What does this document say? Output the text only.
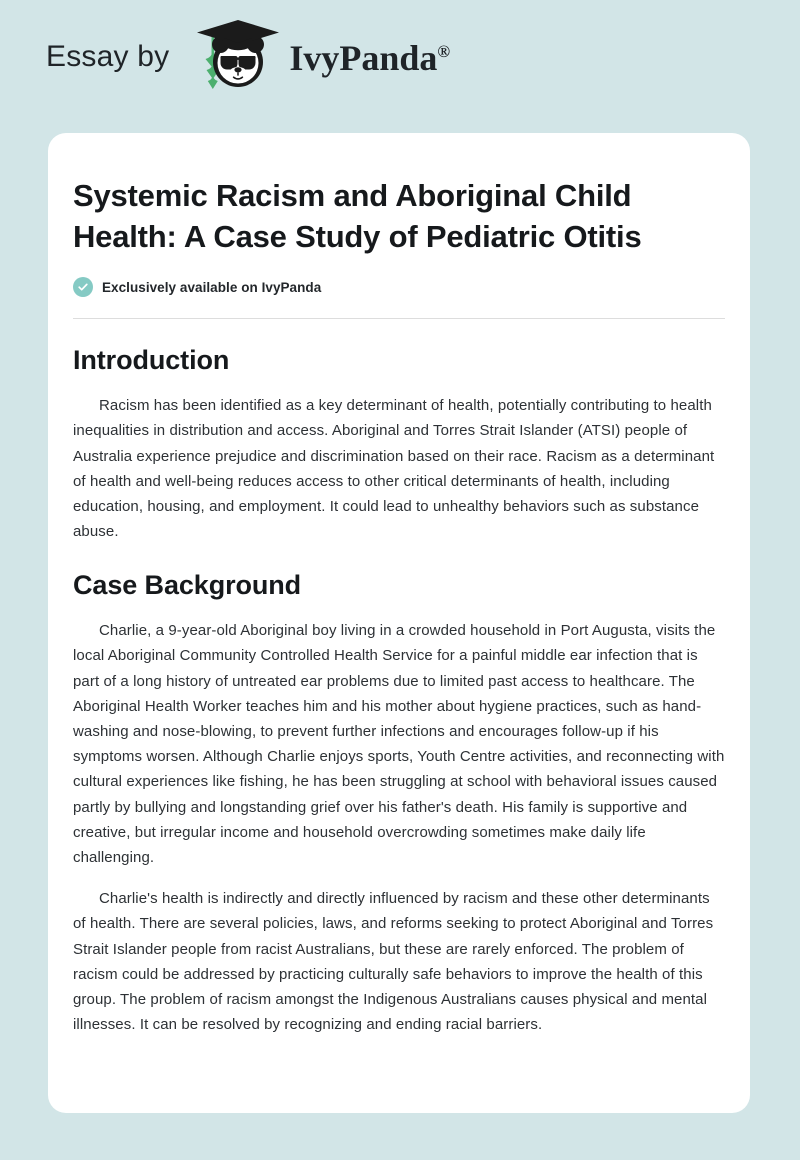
Essay by	IvyPanda®
Systemic Racism and Aboriginal Child Health: A Case Study of Pediatric Otitis
Exclusively available on IvyPanda
Introduction

Racism has been identified as a key determinant of health, potentially contributing to health inequalities in distribution and access. Aboriginal and Torres Strait Islander (ATSI) people of Australia experience prejudice and discrimination based on their race. Racism as a determinant of health and well-being reduces access to other critical determinants of health, including education, housing, and employment. It could lead to unhealthy behaviors such as substance abuse.

Case Background

Charlie, a 9-year-old Aboriginal boy living in a crowded household in Port Augusta, visits the local Aboriginal Community Controlled Health Service for a painful middle ear infection that is part of a long history of untreated ear problems due to limited past access to healthcare. The Aboriginal Health Worker teaches him and his mother about hygiene practices, such as hand-washing and nose-blowing, to prevent further infections and encourages follow-up if his symptoms worsen. Although Charlie enjoys sports, Youth Centre activities, and reconnecting with cultural experiences like fishing, he has been struggling at school with behavioral issues caused partly by bullying and longstanding grief over his father's death. His family is supportive and creative, but irregular income and household overcrowding sometimes make daily life challenging.

Charlie's health is indirectly and directly influenced by racism and these other determinants of health. There are several policies, laws, and reforms seeking to protect Aboriginal and Torres Strait Islander people from racist Australians, but these are rarely enforced. The problem of racism could be addressed by practicing culturally safe behaviors to improve the health of this group. The problem of racism amongst the Indigenous Australians causes physical and mental illnesses. It can be resolved by recognizing and ending racial barriers.
